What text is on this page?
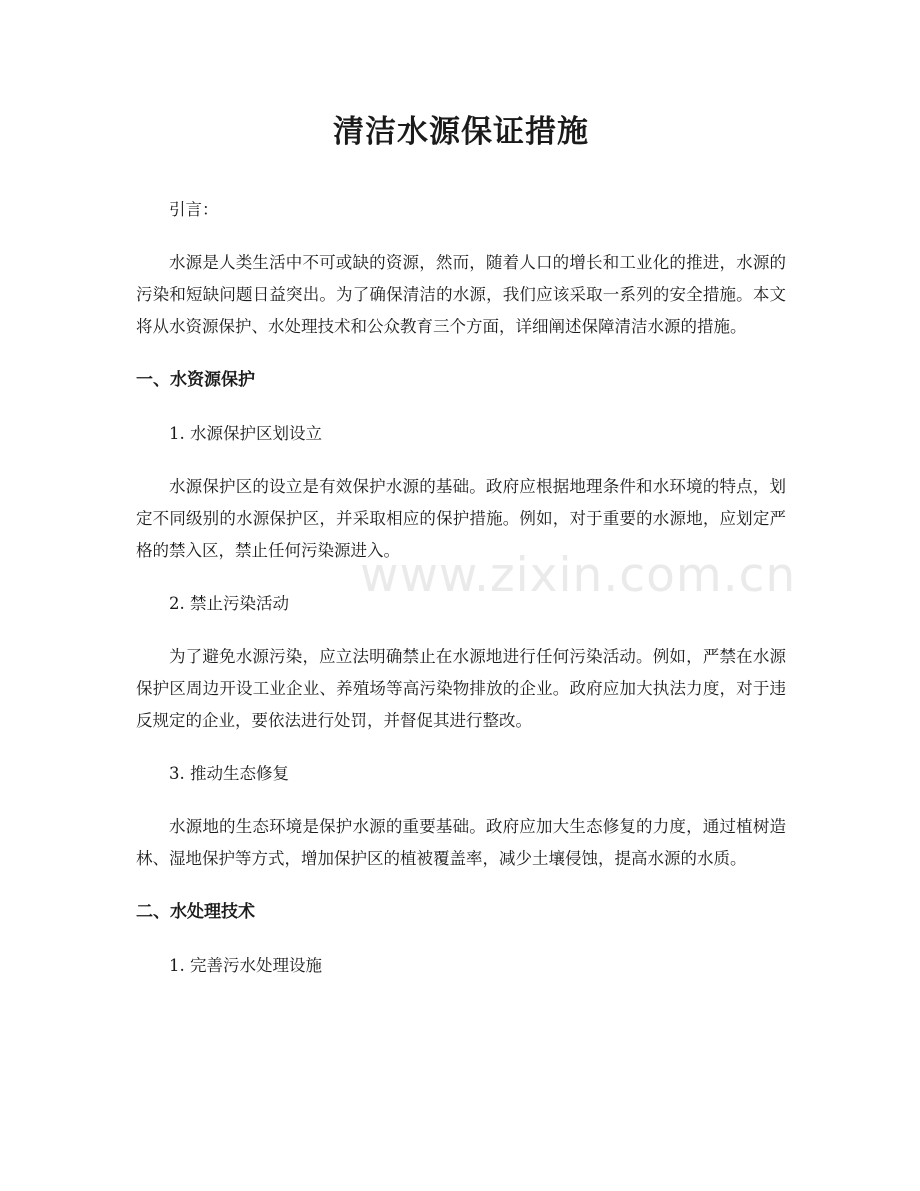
清洁水源保证措施

引言：

水源是人类生活中不可或缺的资源，然而，随着人口的增长和工业化的推进，水源的污染和短缺问题日益突出。为了确保清洁的水源，我们应该采取一系列的安全措施。本文将从水资源保护、水处理技术和公众教育三个方面，详细阐述保障清洁水源的措施。

一、水资源保护

1. 水源保护区划设立

水源保护区的设立是有效保护水源的基础。政府应根据地理条件和水环境的特点，划定不同级别的水源保护区，并采取相应的保护措施。例如，对于重要的水源地，应划定严格的禁入区，禁止任何污染源进入。

2. 禁止污染活动

为了避免水源污染，应立法明确禁止在水源地进行任何污染活动。例如，严禁在水源保护区周边开设工业企业、养殖场等高污染物排放的企业。政府应加大执法力度，对于违反规定的企业，要依法进行处罚，并督促其进行整改。

3. 推动生态修复

水源地的生态环境是保护水源的重要基础。政府应加大生态修复的力度，通过植树造林、湿地保护等方式，增加保护区的植被覆盖率，减少土壤侵蚀，提高水源的水质。

二、水处理技术

1. 完善污水处理设施

www.zixin.com.cn
